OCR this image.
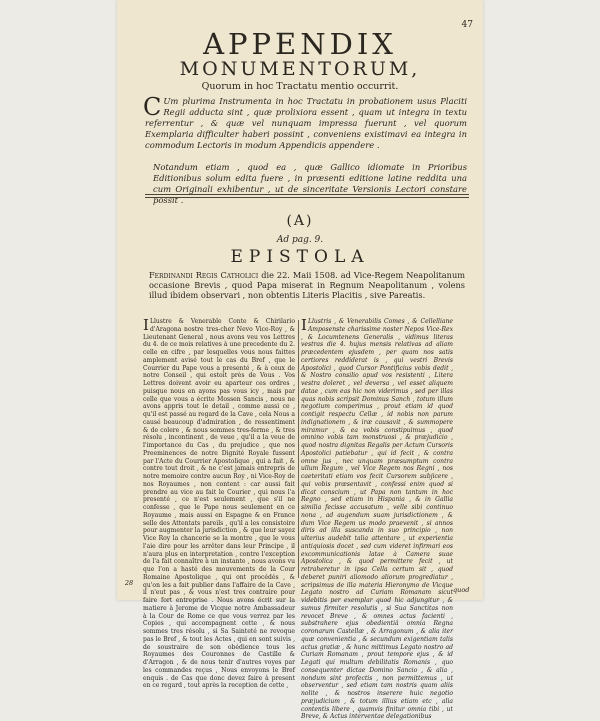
47
APPENDIX
MONUMENTORUM,
Quorum in hoc Tractatu mentio occurrit.

C Um plurima Instrumenta in hoc Tractatu in probationem usus Placiti Regii adducta sint , quæ prolixiora essent , quam ut integra in textu referrentur , & quæ vel nunquam impressa fuerunt , vel quorum Exemplaria difficulter haberi possint , conveniens existimavi ea integra in commodum Lectoris in modum Appendicis appendere .

Notandum etiam , quod ea , quæ Gallico idiomate in Prioribus Editionibus solum edita fuere , in præsenti editione latine reddita una cum Originali exhibentur , ut de sinceritate Versionis Lectori constare possit .

(A)
Ad pag. 9.
EPISTOLA

Ferdinandi Regis Catholici die 22. Maii 1508. ad Vice-Regem Neapolitanum occasione Brevis , quod Papa miserat in Regnum Neapolitanum , volens illud ibidem observari , non obtentis Literis Placitis , sive Pareatis.

I Llustre & Venerable Conte & Chirilario d'Aragona nostre tres-cher Nevo Vice-Roy , & Lieutenant General , nous avons veu vos Lettres du 4. de ce mois relatives à une precedente du 2. celle en cifre , par lesquelles vous nous faittes amplement avisé tout le cas du Bref , que le Courrier du Pape vous a presenté , & à ceux de notre Conseil , qui estoit près de Vous . Vos Lettres doivent avoir eu aparteur ces ordres , puisque nous en ayons pas vous icy , mais par celle que vous a écrite Mossen Sancis , nous ne avons appris tout le detail , comme aussi ce , qu'il est passé au regard de la Cave , cela Nous a causé beaucoup d'admiration , de ressentiment & de colere , & nous sommes tres-ferme , & tres résolu , incontinent , de veue , qu'il a la veue de l'importance du Cas , du prejudice , que nos Preeminences de notre Dignité Royale fussent par l'Acte du Courrier Apostolique , qui a fait , & contre tout droit , & ne c'est jamais entrepris de notre memoire contre aucun Roy , ni Vice-Roy de nos Royaumes , non content : car aussi fait prendre au vice au fait le Courier , qui nous l'a presenté , ce n'est seulement , que s'il ne confesse , que le Pape nous seulement en ce Royaume , mais aussi en Espagne & en France selle des Attentats pareils , qu'il a les consistoire pour augmenter la jurisdiction , & que leur sayez Vice Roy la chancerie se la montre , que le vous l'aie dire pour les arrêter dans leur Principe , il n'aura plus en interpretation , contre l'exception de l'a fait connaître à un instante , nous avons vu que l'on a hasté des mouvements de la Cour Romaine Apostolique , qui ont procédés , & qu'on les a fait publier dans l'affaire de la Cave , il n'eut pas , & vous n'est tres contraire pour faire fort entreprise . Nous avons écrit sur la matiere à Jerome de Vicque notre Ambassadeur à la Cour de Rome ce que vous verrez par les Copies , qui accompagnent cette , & nous sommes tres résolu , si Sa Sainteté ne revoque pas le Bref , & tout les Actes , qui en sont suivis , de soustraire de son obédience tous les Royaumes des Couronnes de Castille & d'Arragon , & de nous tenir d'autres voyes par les commandes reçus , Nous envoyons le Bref enquis . de Cas que donc devez faire à present en ce regard , tout après la reception de cette ,

I Llustris , & Venerabilis Comes , & Cellelliane Amposenste charissime noster Nepos Vice-Rex , & Locumtenens Generalis , vidimus literas vestras die 4. hujus mensis relativas ad aliam præcedentem ejusdem , per quam nos satis certiores reddiderat is , qui vestri Brevis Apostolici , quod Cursor Pontificius vobis dedit , & Nostro consilio apud vos resistenti , Litera vestra doleret , vel deversa , vel esset aliquem datae , cum eas hic non viderimus , sed per illas quas nobis scripsit Dominus Sanch , totum illum negotium comperimus , prout etiam id quod contigit respectu Cellæ , id nobis non parum indignationem , & iræ causavit , & summopere miramur , & ea vobis constipuimus , quod omnino vobis tam monstruosi , & præjudicio , quod nostra dignitas Regalis per Actum Cursoris Apostolici patiebatur , qui id fecit , & contra omne jus , nec unquam præsumptum contra ullum Regum , vel Vice Regem nos Regni , nos caeteritati etiam vos fecit Cursorem subjicere , qui vobis præsentavit , confessi enim quod si dicat conscium , ut Papa non tantum in hoc Regno , sed etiam in Hispania , & in Gallia similia fecisse accusatum , velle sibi continuo nona , ad augendum suam jurisdictionem , & dum Vice Regem us modo praevenit , si annos diris ad illa suscanda in suo principio , non ulterius audebit talia attentare , ut experientia antiquiosis docet , sed cum videret infirmari eos excommunicationis latae à Camera suae Apostolica , & quod permittere fecit , ut retraheretur in ipsa Cella certum sit , quod deberet puniri aliomodo aliorum progrediatur , scripsimus de illa materia Hieronymo de Vicque Legato nostro ad Curiam Romanam sicut videbitis per exemplar quod hic adjungitur , & sumus firmiter resolutis , si Sua Sanctitas non revocet Breve , & omnes actus facienti , substrahere ejus obedientiâ omnia Regna coronarum Castellæ , & Arragonum , & alia iter quæ convenientia , & secundum exigentiam talis actus gratiæ , & hunc mittimus Legato nostro ad Curiam Romanam , prout tempore ejus , & id Legati qui multum debilitatis Romanis , quo consequenter dictae Domino Sancio , & alia , nondum sint profectis , non permittemus , ut observentur , sed etiam tam nostris quam aliis nolite , & nostros inserere huic negotio præjudicium , & totum illius etiam etc , alia contentis libere , quamvis finitur omnia tibi , ut Breve, & Actus interventae delegationibus

28
quod
